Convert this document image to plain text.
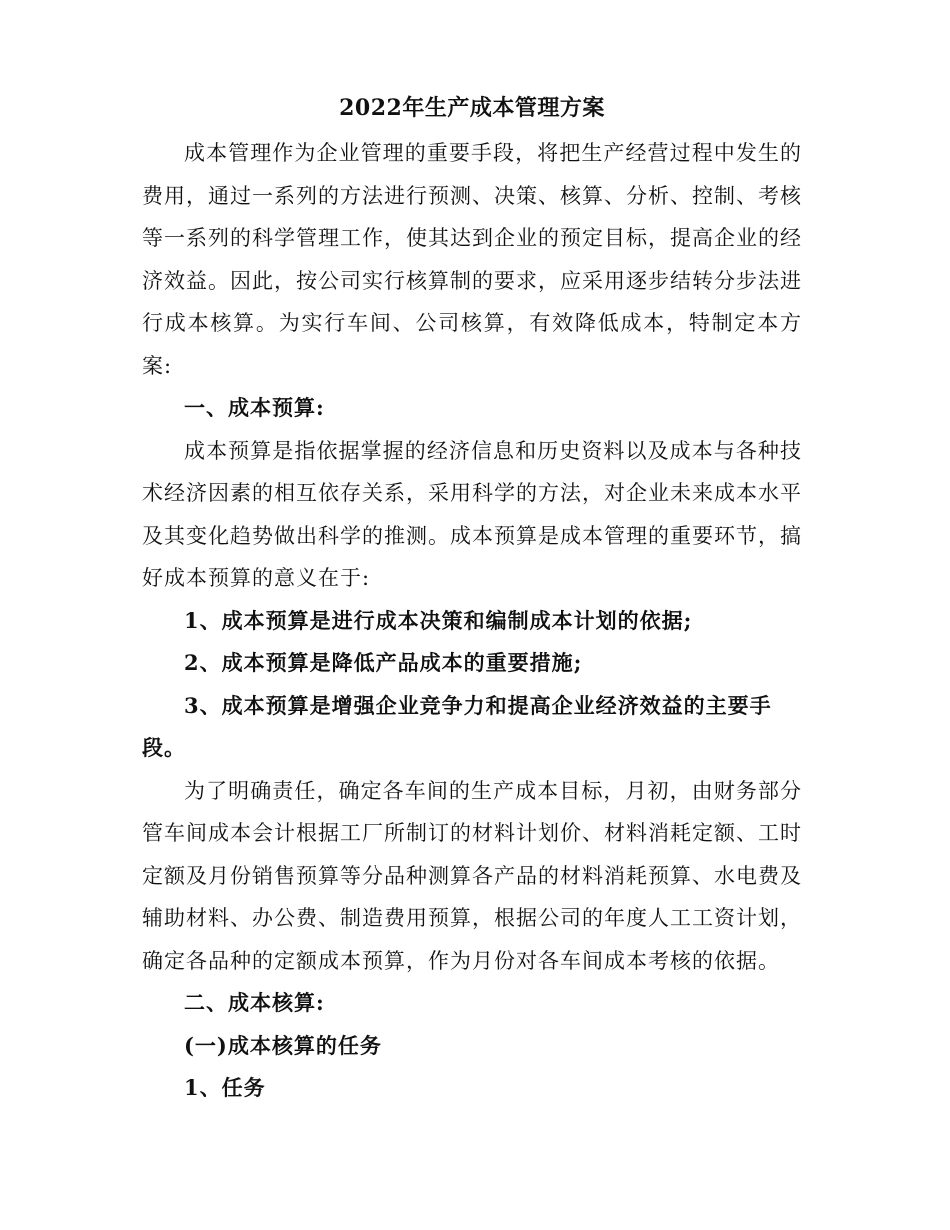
2022年生产成本管理方案

成本管理作为企业管理的重要手段，将把生产经营过程中发生的费用，通过一系列的方法进行预测、决策、核算、分析、控制、考核等一系列的科学管理工作，使其达到企业的预定目标，提高企业的经济效益。因此，按公司实行核算制的要求，应采用逐步结转分步法进行成本核算。为实行车间、公司核算，有效降低成本，特制定本方案:

一、成本预算:

成本预算是指依据掌握的经济信息和历史资料以及成本与各种技术经济因素的相互依存关系，采用科学的方法，对企业未来成本水平及其变化趋势做出科学的推测。成本预算是成本管理的重要环节，搞好成本预算的意义在于:

1、成本预算是进行成本决策和编制成本计划的依据;

2、成本预算是降低产品成本的重要措施;

3、成本预算是增强企业竞争力和提高企业经济效益的主要手段。

为了明确责任，确定各车间的生产成本目标，月初，由财务部分管车间成本会计根据工厂所制订的材料计划价、材料消耗定额、工时定额及月份销售预算等分品种测算各产品的材料消耗预算、水电费及辅助材料、办公费、制造费用预算，根据公司的年度人工工资计划，确定各品种的定额成本预算，作为月份对各车间成本考核的依据。

二、成本核算:

(一)成本核算的任务

1、任务
